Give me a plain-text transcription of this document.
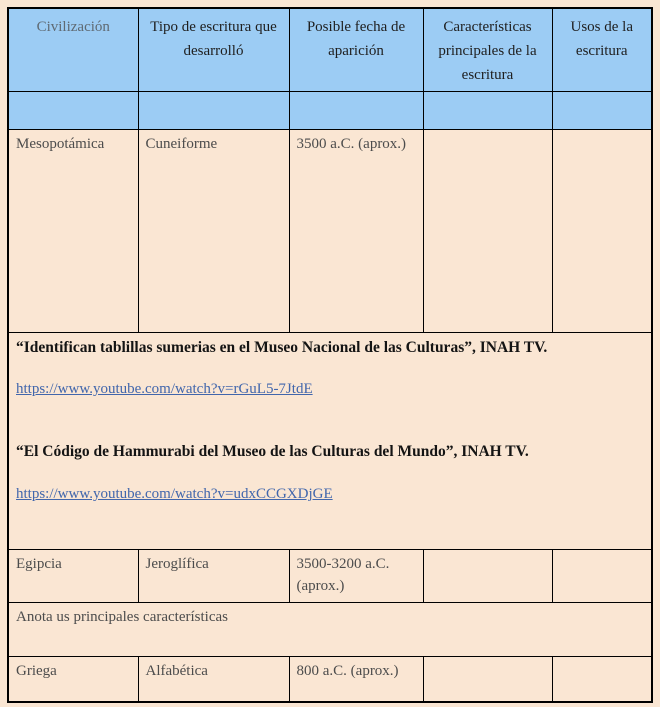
Civilización	Tipo de escritura que desarrolló	Posible fecha de aparición	Características principales de la escritura	Usos de la escritura

Mesopotámica	Cuneiforme	3500 a.C. (aprox.)		

“Identifican tablillas sumerias en el Museo Nacional de las Culturas”, INAH TV.

https://www.youtube.com/watch?v=rGuL5-7JtdE

“El Código de Hammurabi del Museo de las Culturas del Mundo”, INAH TV.

https://www.youtube.com/watch?v=udxCCGXDjGE				
Egipcia	Jeroglífica	3500-3200 a.C. (aprox.)		
Anota us principales características				
Griega	Alfabética	800 a.C. (aprox.)		
